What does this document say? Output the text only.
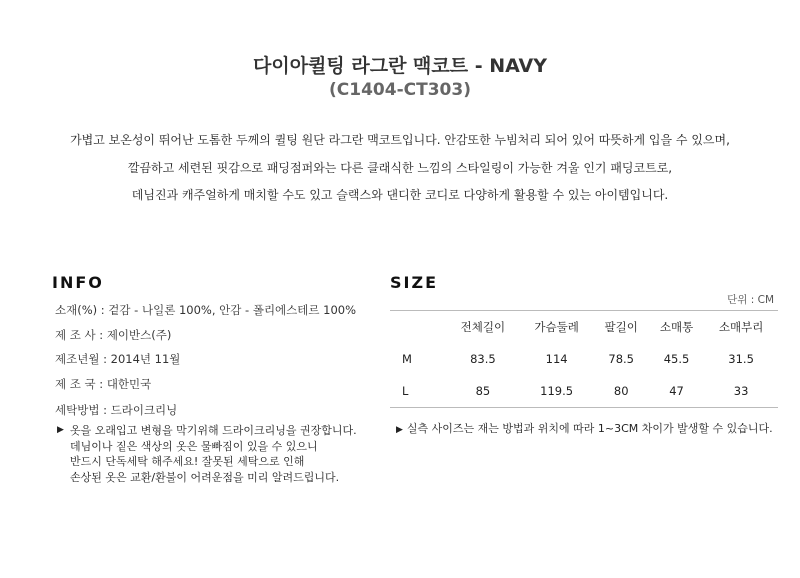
다이아퀼팅 라그란 맥코트 - NAVY
(C1404-CT303)
가볍고 보온성이 뛰어난 도톰한 두께의 퀼팅 원단 라그란 맥코트입니다. 안감또한 누빔처리 되어 있어 따뜻하게 입을 수 있으며,
깔끔하고 세련된 핏감으로 패딩점퍼와는 다른 클래식한 느낌의 스타일링이 가능한 겨울 인기 패딩코트로,
데님진과 캐주얼하게 매치할 수도 있고 슬랙스와 댄디한 코디로 다양하게 활용할 수 있는 아이템입니다.
INFO
소재(%) : 겉감 - 나일론 100%, 안감 - 폴리에스테르 100%
제 조 사 : 제이반스(주)
제조년월 : 2014년 11월
제 조 국 : 대한민국
세탁방법 : 드라이크리닝
▶ 옷을 오래입고 변형을 막기위해 드라이크리닝을 권장합니다.
데님이나 짙은 색상의 옷은 물빠짐이 있을 수 있으니
반드시 단독세탁 해주세요! 잘못된 세탁으로 인해
손상된 옷은 교환/환불이 어려운점을 미리 알려드립니다.
SIZE
단위 : CM
	전체길이	가슴둘레	팔길이	소매통	소매부리
M	83.5	114	78.5	45.5	31.5
L	85	119.5	80	47	33
▶ 실측 사이즈는 재는 방법과 위치에 따라 1~3CM 차이가 발생할 수 있습니다.
